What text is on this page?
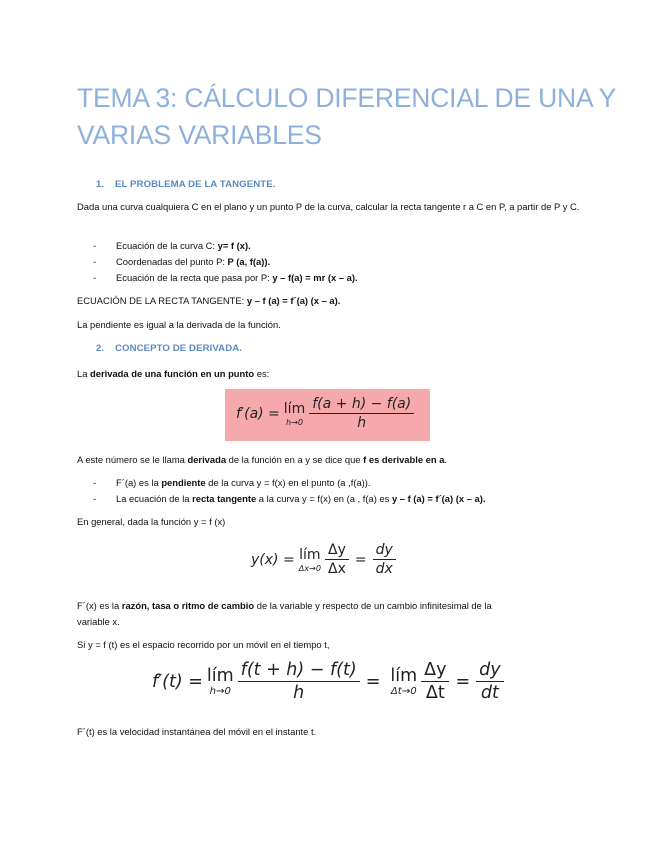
TEMA 3: CÁLCULO DIFERENCIAL DE UNA Y VARIAS VARIABLES
1. EL PROBLEMA DE LA TANGENTE.
Dada una curva cualquiera C en el plano y un punto P de la curva, calcular la recta tangente r a C en P, a partir de P y C.
- Ecuación de la curva C: y= f (x).
- Coordenadas del punto P: P (a, f(a)).
- Ecuación de la recta que pasa por P: y – f(a) = mr (x – a).
ECUACIÓN DE LA RECTA TANGENTE: y – f (a) = f´(a) (x – a).
La pendiente es igual a la derivada de la función.
2. CONCEPTO DE DERIVADA.
La derivada de una función en un punto es:
f′(a) = lím
$h\to 0 \frac{f(a + h) - f(a)}{h}$
A este número se le llama derivada de la función en a y se dice que f es derivable en a.
- F´(a) es la pendiente de la curva y = f(x) en el punto (a ,f(a)).
- La ecuación de la recta tangente a la curva y = f(x) en (a , f(a) es y – f (a) = f´(a) (x – a).
En general, dada la función y = f (x)
y(x) = lím
$\Delta x\to 0 \frac{\Delta y}{\Delta x} = \frac{dy}{dx}$
F´(x) es la razón, tasa o ritmo de cambio de la variable y respecto de un cambio infinitesimal de la
variable x.
Si y = f (t) es el espacio recorrido por un móvil en el tiempo t,
f′(t) = lím
$h\to 0 \frac{f(t + h) - f(t)}{h}$ = lím
$\Delta t\to 0 \frac{\Delta y}{\Delta t} = \frac{dy}{dt}$
F´(t) es la velocidad instantánea del móvil en el instante t.
